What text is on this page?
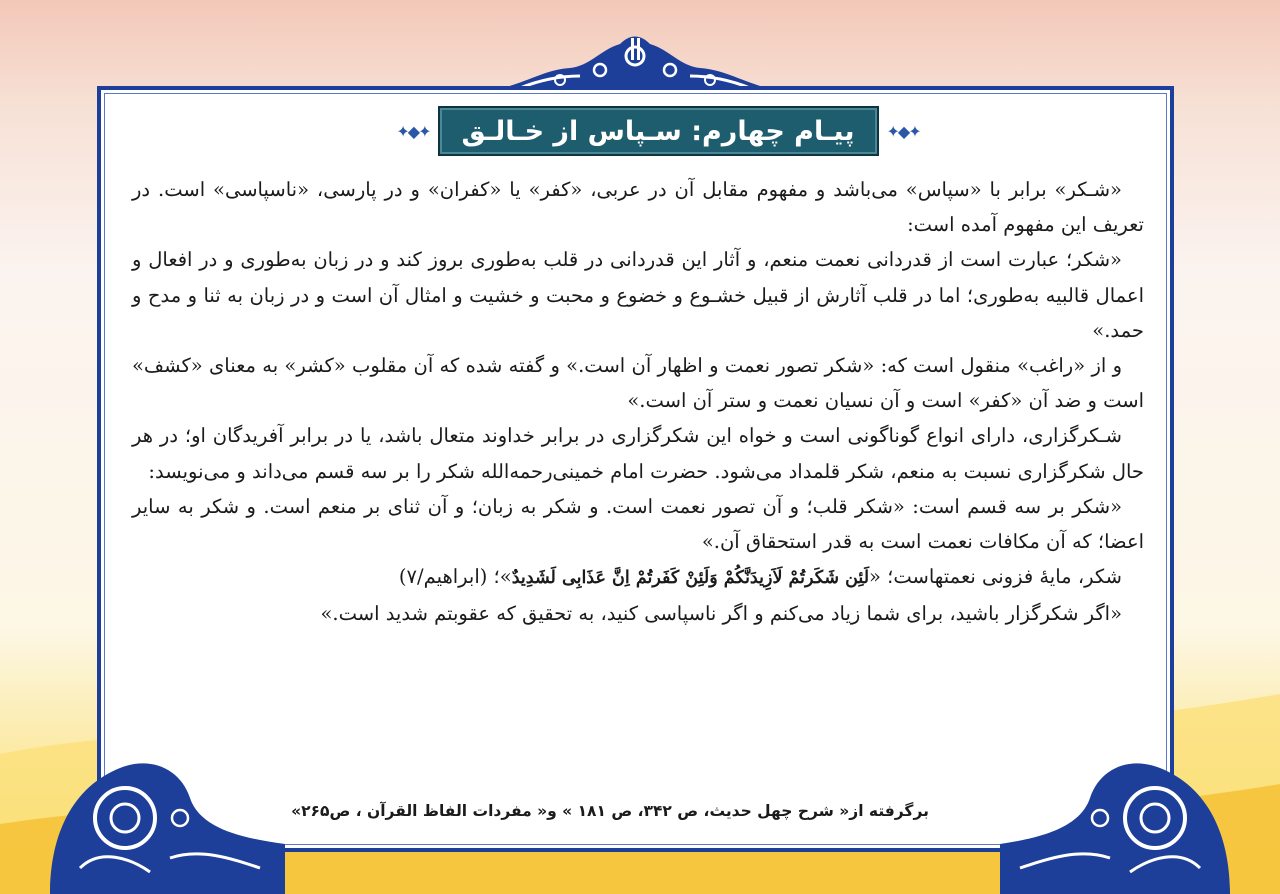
✦◆✦ پیـام چهارم: سـپاس از خـالـق ✦◆✦

«شـکر» برابر با «سپاس» می‌باشد و مفهوم مقابل آن در عربی، «کفر» یا «کفران» و در پارسی، «ناسپاسی» است. در تعریف این مفهوم آمده است:

«شکر؛ عبارت است از قدردانی نعمت منعم، و آثار این قدردانی در قلب به‌طوری بروز کند و در زبان به‌طوری و در افعال و اعمال قالبیه به‌طوری؛ اما در قلب آثارش از قبیل خشـوع و خضوع و محبت و خشیت و امثال آن است و در زبان به ثنا و مدح و حمد.»

و از «راغب» منقول است که: «شکر تصور نعمت و اظهار آن است.» و گفته شده که آن مقلوب «کشر» به معنای «کشف» است و ضد آن «کفر» است و آن نسیان نعمت و ستر آن است.»

شـکرگزاری، دارای انواع گوناگونی است و خواه این شکرگزاری در برابر خداوند متعال باشد، یا در برابر آفریدگان او؛ در هر حال شکرگزاری نسبت به منعم، شکر قلمداد می‌شود. حضرت امام خمینی‌رحمه‌الله شکر را بر سه قسم می‌داند و می‌نویسد:

«شکر بر سه قسم است: «شکر قلب؛ و آن تصور نعمت است. و شکر به زبان؛ و آن ثنای بر منعم است. و شکر به سایر اعضا؛ که آن مکافات نعمت است به قدر استحقاق آن.»

شکر، مایهٔ فزونی نعمتهاست؛ «لَئِن شَکَرتُمْ لَاَزِیدَنَّکُمْ وَلَئِنْ کَفَرتُمْ اِنَّ عَذَابِی لَشَدِیدٌ»؛ (ابراهیم/۷)

«اگر شکرگزار باشید، برای شما زیاد می‌کنم و اگر ناسپاسی کنید، به تحقیق که عقوبتم شدید است.»

برگرفته از« شرح چهل حدیث، ص ۳۴۲، ص ۱۸۱ » و« مفردات الفاظ القرآن ، ص۲۶۵»
